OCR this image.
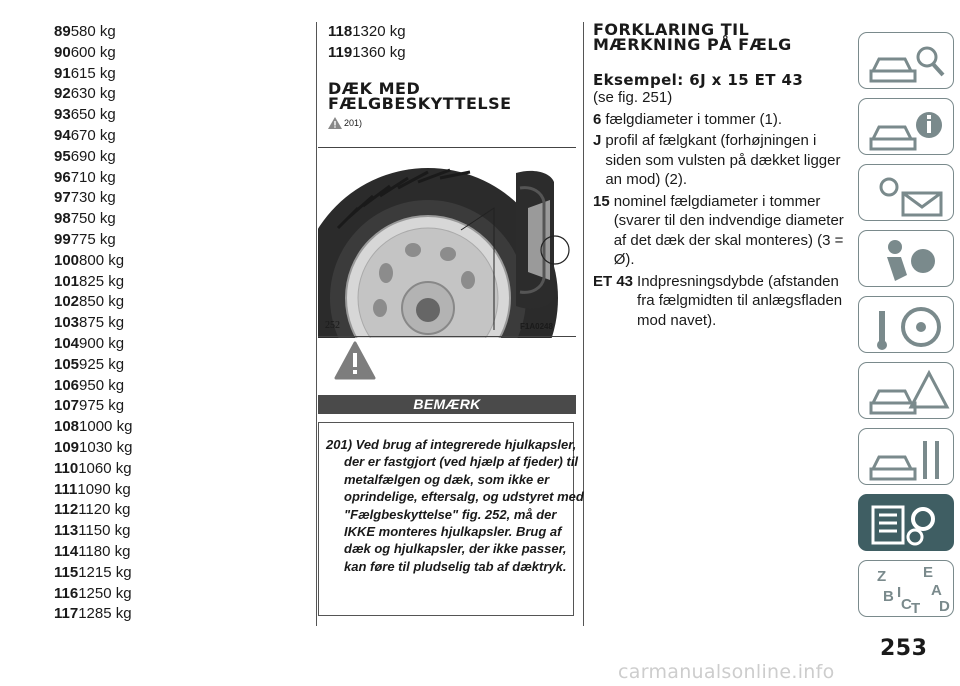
89580 kg
90600 kg
91615 kg
92630 kg
93650 kg
94670 kg
95690 kg
96710 kg
97730 kg
98750 kg
99775 kg
100800 kg
101825 kg
102850 kg
103875 kg
104900 kg
105925 kg
106950 kg
107975 kg
1081000 kg
1091030 kg
1101060 kg
1111090 kg
1121120 kg
1131150 kg
1141180 kg
1151215 kg
1161250 kg
1171285 kg
1181320 kg
1191360 kg

DÆK MED

FÆLGBESKYTTELSE

201)
252	F1A0248
BEMÆRK

201) Ved brug af integrerede hjulkapsler, der er fastgjort (ved hjælp af fjeder) til metalfælgen og dæk, som ikke er oprindelige, eftersalg, og udstyret med "Fælgbeskyttelse" fig. 252, må der IKKE monteres hjulkapsler. Brug af dæk og hjulkapsler, der ikke passer, kan føre til pludselig tab af dæktryk.

FORKLARING TIL

MÆRKNING PÅ FÆLG

Eksempel: 6J x 15 ET 43
(se fig. 251)
6 fælgdiameter i tommer (1).
J profil af fælgkant (forhøjningen i siden som vulsten på dækket ligger an mod) (2).
15 nominel fælgdiameter i tommer (svarer til den indvendige diameter af det dæk der skal monteres) (3 = Ø).
ET 43 Indpresningsdybde (afstanden fra fælgmidten til anlægsfladen mod navet).
Z E
A
B C T D
I
253
carmanualsonline.info
